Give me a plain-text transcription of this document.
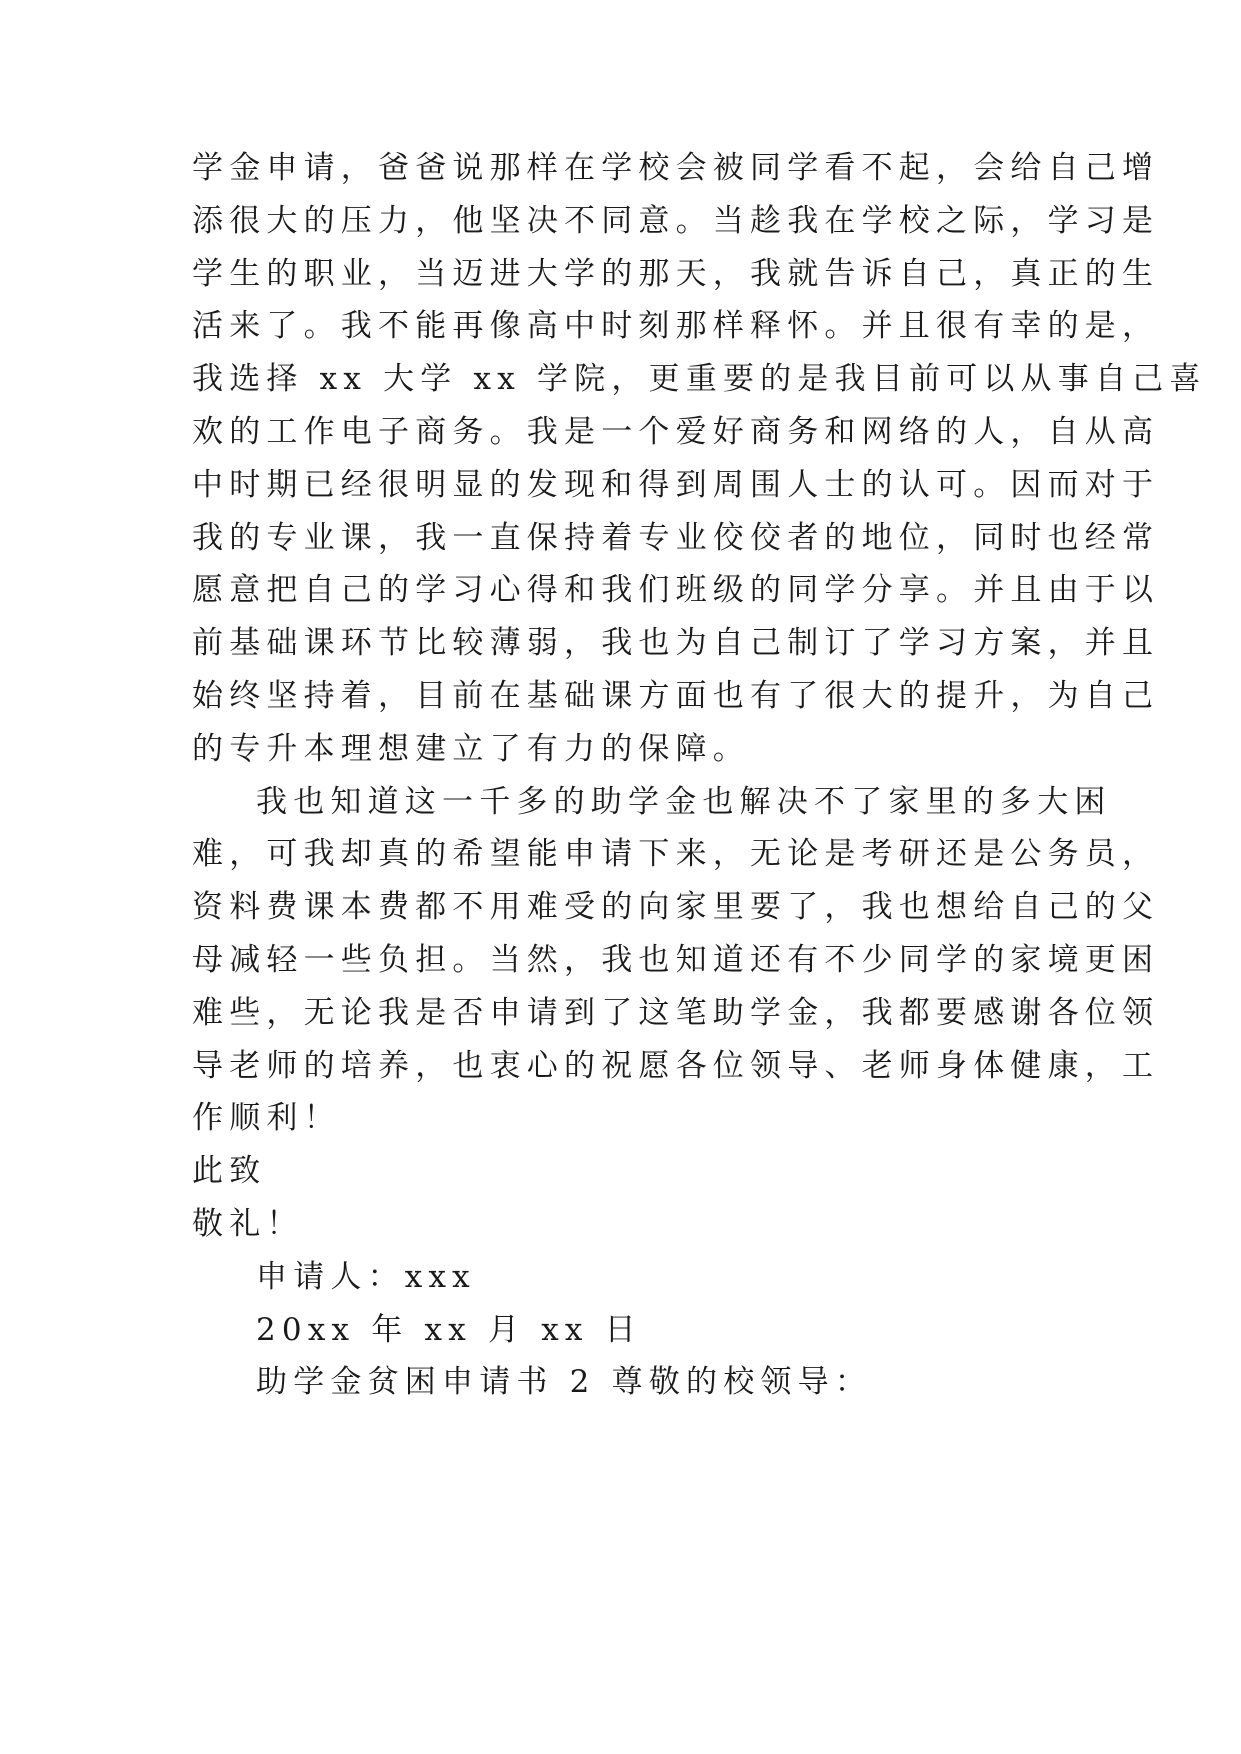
学金申请，爸爸说那样在学校会被同学看不起，会给自己增
添很大的压力，他坚决不同意。当趁我在学校之际，学习是
学生的职业，当迈进大学的那天，我就告诉自己，真正的生
活来了。我不能再像高中时刻那样释怀。并且很有幸的是，
我选择 xx 大学 xx 学院，更重要的是我目前可以从事自己喜
欢的工作电子商务。我是一个爱好商务和网络的人，自从高
中时期已经很明显的发现和得到周围人士的认可。因而对于
我的专业课，我一直保持着专业佼佼者的地位，同时也经常
愿意把自己的学习心得和我们班级的同学分享。并且由于以
前基础课环节比较薄弱，我也为自己制订了学习方案，并且
始终坚持着，目前在基础课方面也有了很大的提升，为自己
的专升本理想建立了有力的保障。
我也知道这一千多的助学金也解决不了家里的多大困
难，可我却真的希望能申请下来，无论是考研还是公务员，
资料费课本费都不用难受的向家里要了，我也想给自己的父
母减轻一些负担。当然，我也知道还有不少同学的家境更困
难些，无论我是否申请到了这笔助学金，我都要感谢各位领
导老师的培养，也衷心的祝愿各位领导、老师身体健康，工
作顺利！
此致
敬礼！
申请人：xxx
20xx 年 xx 月 xx 日
助学金贫困申请书 2 尊敬的校领导：
